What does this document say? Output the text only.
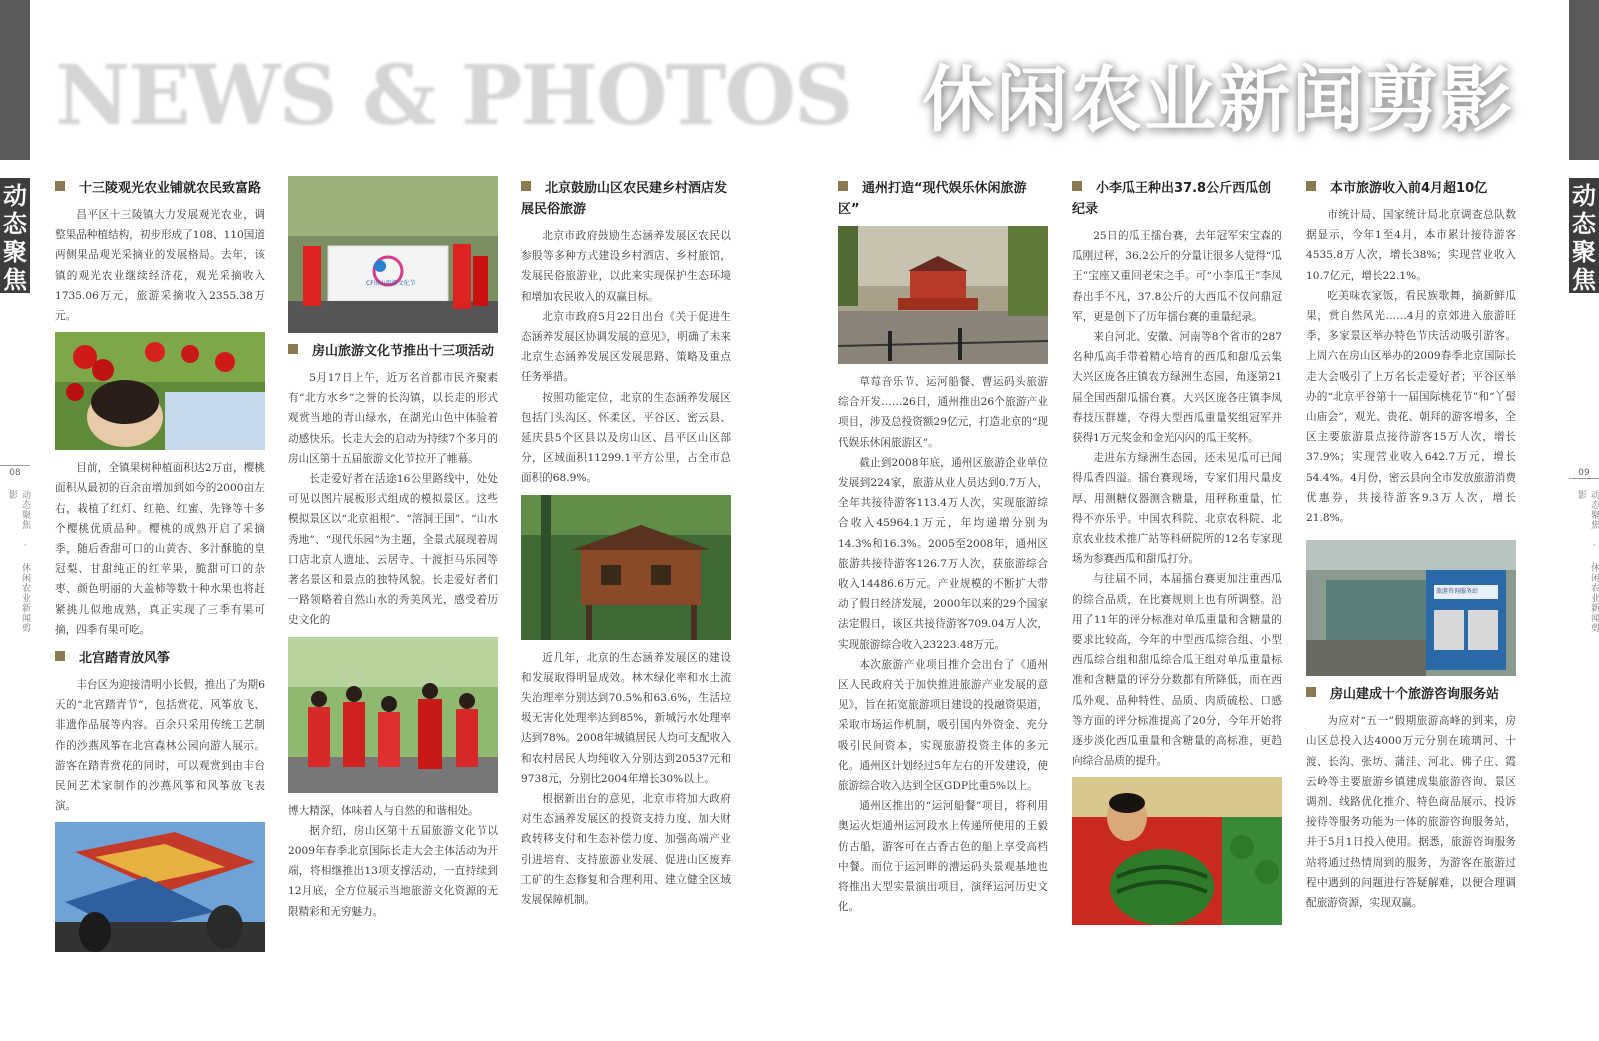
动态聚焦
08
动态聚焦 · 休闲农业新闻剪影
动态聚焦
09
动态聚焦 · 休闲农业新闻剪影
NEWS & PHOTOS 休闲农业新闻剪影
十三陵观光农业铺就农民致富路

昌平区十三陵镇大力发展观光农业，调整果品种植结构，初步形成了108、110国道两侧果品观光采摘业的发展格局。去年，该镇的观光农业继续经济花，观光采摘收入1735.06万元，旅游采摘收入2355.38万元。

目前，全镇果树种植面积达2万亩，樱桃面积从最初的百余亩增加到如今的2000亩左右，栽植了红灯、红艳、红蜜、先锋等十多个樱桃优质品种。樱桃的成熟开启了采摘季，随后香甜可口的山黄杏、多汁酥脆的皇冠梨、甘甜纯正的红苹果，脆甜可口的杂枣、颜色明丽的大盖柿等数十种水果也将赶紧挑儿似地成熟，真正实现了三季有果可摘，四季有果可吃。

北宫踏青放风筝

丰台区为迎接清明小长假，推出了为期6天的“北宫踏青节”，包括赏花、风筝放飞、非遗作品展等内容。百余只采用传统工艺制作的沙燕风筝在北宫森林公园向游人展示。游客在踏青赏花的同时，可以观赏到由丰台民间艺术家制作的沙燕风筝和风筝放飞表演。

CF房山旅游文化节
房山旅游文化节推出十三项活动

5月17日上午，近万名首都市民齐聚素有“北方水乡”之誉的长沟镇，以长走的形式观赏当地的青山绿水，在湖光山色中体验着动感快乐。长走大会的启动为持续7个多月的房山区第十五届旅游文化节拉开了帷幕。

长走爱好者在活途16公里路线中，处处可见以图片展板形式组成的模拟景区。这些模拟景区以“北京祖根”、“溶洞王国”、“山水秀地”、“现代乐园”为主题，全景式展现着周口店北京人遗址、云居寺、十渡拒马乐园等著名景区和景点的独特风貌。长走爱好者们一路领略着自然山水的秀美风光，感受着历史文化的

博大精深，体味着人与自然的和谐相处。

据介绍，房山区第十五届旅游文化节以2009年春季北京国际长走大会主体活动为开端，将相继推出13项支撑活动，一直持续到12月底，全方位展示当地旅游文化资源的无限精彩和无穷魅力。

北京鼓励山区农民建乡村酒店发展民俗旅游

北京市政府鼓励生态涵养发展区农民以参股等多种方式建设乡村酒店、乡村旅馆，发展民俗旅游业，以此来实现保护生态环境和增加农民收入的双赢目标。

北京市政府5月22日出台《关于促进生态涵养发展区协调发展的意见》，明确了未来北京生态涵养发展区发展思路、策略及重点任务举措。

按照功能定位，北京的生态涵养发展区包括门头沟区、怀柔区、平谷区、密云县、延庆县5个区县以及房山区、昌平区山区部分，区域面积11299.1平方公里，占全市总面积的68.9%。

近几年，北京的生态涵养发展区的建设和发展取得明显成效。林木绿化率和水土流失治理率分别达到70.5%和63.6%，生活垃圾无害化处理率达到85%，新城污水处理率达到78%。2008年城镇居民人均可支配收入和农村居民人均纯收入分别达到20537元和9738元，分别比2004年增长30%以上。

根据新出台的意见，北京市将加大政府对生态涵养发展区的投资支持力度、加大财政转移支付和生态补偿力度、加强高端产业引进培育、支持旅游业发展、促进山区废弃工矿的生态修复和合理利用、建立健全区域发展保障机制。

通州打造“现代娱乐休闲旅游区”

草莓音乐节、运河船餐、曹运码头旅游综合开发……26日，通州推出26个旅游产业项目，涉及总投资额29亿元，打造北京的“现代娱乐休闲旅游区”。

截止到2008年底，通州区旅游企业单位发展到224家，旅游从业人员达到0.7万人，全年共接待游客113.4万人次，实现旅游综合收入45964.1万元，年均递增分别为14.3%和16.3%。2005至2008年，通州区旅游共接待游客126.7万人次，获旅游综合收入14486.6万元。产业规模的不断扩大带动了假日经济发展，2000年以来的29个国家法定假日，该区共接待游客709.04万人次，实现旅游综合收入23223.48万元。

本次旅游产业项目推介会出台了《通州区人民政府关于加快推进旅游产业发展的意见》，旨在拓宽旅游项目建设的投融资渠道，采取市场运作机制，吸引国内外资金、充分吸引民间资本，实现旅游投资主体的多元化。通州区计划经过5年左右的开发建设，使旅游综合收入达到全区GDP比重5%以上。

通州区推出的“运河船餐”项目，将利用奥运火炬通州运河段水上传递所使用的王毅仿古船，游客可在古香古色的船上享受高档中餐。而位于运河畔的漕运码头景观基地也将推出大型实景演出项目，演绎运河历史文化。

小李瓜王种出37.8公斤西瓜创纪录

25日的瓜王擂台赛，去年冠军宋宝森的瓜刚过秤，36.2公斤的分量让很多人觉得“瓜王”宝座又重回老宋之手。可“小李瓜王”李凤春出手不凡，37.8公斤的大西瓜不仅问鼎冠军，更是创下了历年擂台赛的重量纪录。

来自河北、安徽、河南等8个省市的287名种瓜高手带着精心培育的西瓜和甜瓜云集大兴区庞各庄镇农方绿洲生态园，角逐第21届全国西甜瓜擂台赛。大兴区庞各庄镇李凤春技压群雄，夺得大型西瓜重量奖组冠军并获得1万元奖金和金光闪闪的瓜王奖杯。

走进东方绿洲生态园，还未见瓜可已闻得瓜香四溢。擂台赛现场，专家们用尺量皮厚、用测糖仪器测含糖量，用秤称重量，忙得不亦乐乎。中国农科院、北京农科院、北京农业技术推广站等科研院所的12名专家现场为参赛西瓜和甜瓜打分。

与往届不同，本届擂台赛更加注重西瓜的综合品质，在比赛规则上也有所调整。沿用了11年的评分标准对单瓜重量和含糖量的要求比较高，今年的中型西瓜综合组、小型西瓜综合组和甜瓜综合瓜王组对单瓜重量标准和含糖量的评分分数都有所降低，而在西瓜外观、品种特性、品质、肉质硫松、口感等方面的评分标准提高了20分，今年开始将逐步淡化西瓜重量和含糖量的高标准，更趋向综合品质的提升。

本市旅游收入前4月超10亿

市统计局、国家统计局北京调查总队数据显示，今年1至4月，本市累计接待游客4535.8万人次，增长38%；实现营业收入10.7亿元，增长22.1%。

吃美味农家饭，看民族歌舞，摘新鲜瓜果，赏自然风光……4月的京郊进入旅游旺季，多家景区举办特色节庆活动吸引游客。上周六在房山区举办的2009春季北京国际长走大会吸引了上万名长走爱好者；平谷区举办的“北京平谷第十一届国际桃花节”和“丫髻山庙会”，观光、贵花、朝拜的游客增多，全区主要旅游景点接待游客15万人次，增长37.9%；实现营业收入642.7万元，增长54.4%。4月份，密云县向全市发放旅游消费优惠券，共接待游客9.3万人次，增长21.8%。

旅游咨询服务站
房山建成十个旅游咨询服务站

为应对“五一”假期旅游高峰的到来，房山区总投入达4000万元分别在琉璃河、十渡、长沟、张坊、蒲洼、河北、佛子庄、霞云岭等主要旅游乡镇建成集旅游咨询、景区调剂、线路优化推介、特色商品展示、投诉接待等服务功能为一体的旅游咨询服务站，并于5月1日投入使用。据悉，旅游咨询服务站将通过热情周到的服务，为游客在旅游过程中遇到的问题进行答疑解难，以便合理调配旅游资源，实现双赢。
